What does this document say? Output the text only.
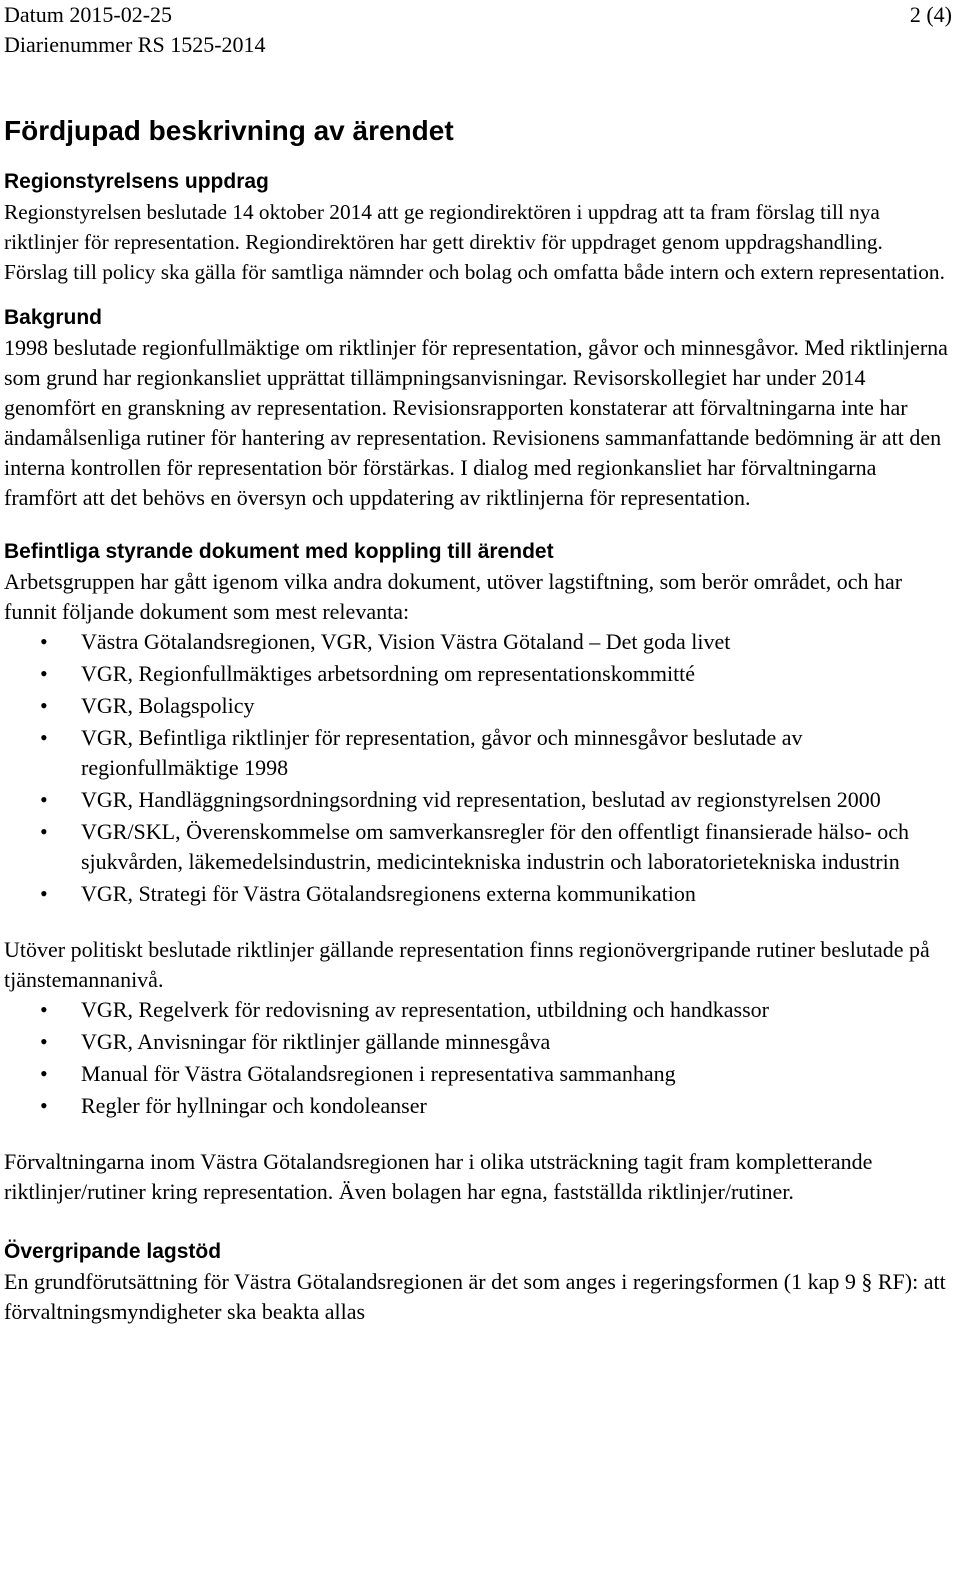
Datum 2015-02-25
Diarienummer RS 1525-2014
2 (4)
Fördjupad beskrivning av ärendet
Regionstyrelsens uppdrag

Regionstyrelsen beslutade 14 oktober 2014 att ge regiondirektören i uppdrag att ta fram förslag till nya riktlinjer för representation. Regiondirektören har gett direktiv för uppdraget genom uppdragshandling. Förslag till policy ska gälla för samtliga nämnder och bolag och omfatta både intern och extern representation.

Bakgrund

1998 beslutade regionfullmäktige om riktlinjer för representation, gåvor och minnesgåvor. Med riktlinjerna som grund har regionkansliet upprättat tillämpningsanvisningar. Revisorskollegiet har under 2014 genomfört en granskning av representation. Revisionsrapporten konstaterar att förvaltningarna inte har ändamålsenliga rutiner för hantering av representation. Revisionens sammanfattande bedömning är att den interna kontrollen för representation bör förstärkas. I dialog med regionkansliet har förvaltningarna framfört att det behövs en översyn och uppdatering av riktlinjerna för representation.

Befintliga styrande dokument med koppling till ärendet

Arbetsgruppen har gått igenom vilka andra dokument, utöver lagstiftning, som berör området, och har funnit följande dokument som mest relevanta:

• Västra Götalandsregionen, VGR, Vision Västra Götaland – Det goda livet
• VGR, Regionfullmäktiges arbetsordning om representationskommitté
• VGR, Bolagspolicy
• VGR, Befintliga riktlinjer för representation, gåvor och minnesgåvor beslutade av regionfullmäktige 1998
• VGR, Handläggningsordningsordning vid representation, beslutad av regionstyrelsen 2000
• VGR/SKL, Överenskommelse om samverkansregler för den offentligt finansierade hälso- och sjukvården, läkemedelsindustrin, medicintekniska industrin och laboratorietekniska industrin
• VGR, Strategi för Västra Götalandsregionens externa kommunikation

Utöver politiskt beslutade riktlinjer gällande representation finns regionövergripande rutiner beslutade på tjänstemannanivå.

• VGR, Regelverk för redovisning av representation, utbildning och handkassor
• VGR, Anvisningar för riktlinjer gällande minnesgåva
• Manual för Västra Götalandsregionen i representativa sammanhang
• Regler för hyllningar och kondoleanser

Förvaltningarna inom Västra Götalandsregionen har i olika utsträckning tagit fram kompletterande riktlinjer/rutiner kring representation. Även bolagen har egna, fastställda riktlinjer/rutiner.

Övergripande lagstöd

En grundförutsättning för Västra Götalandsregionen är det som anges i regeringsformen (1 kap 9 § RF): att förvaltningsmyndigheter ska beakta allas
